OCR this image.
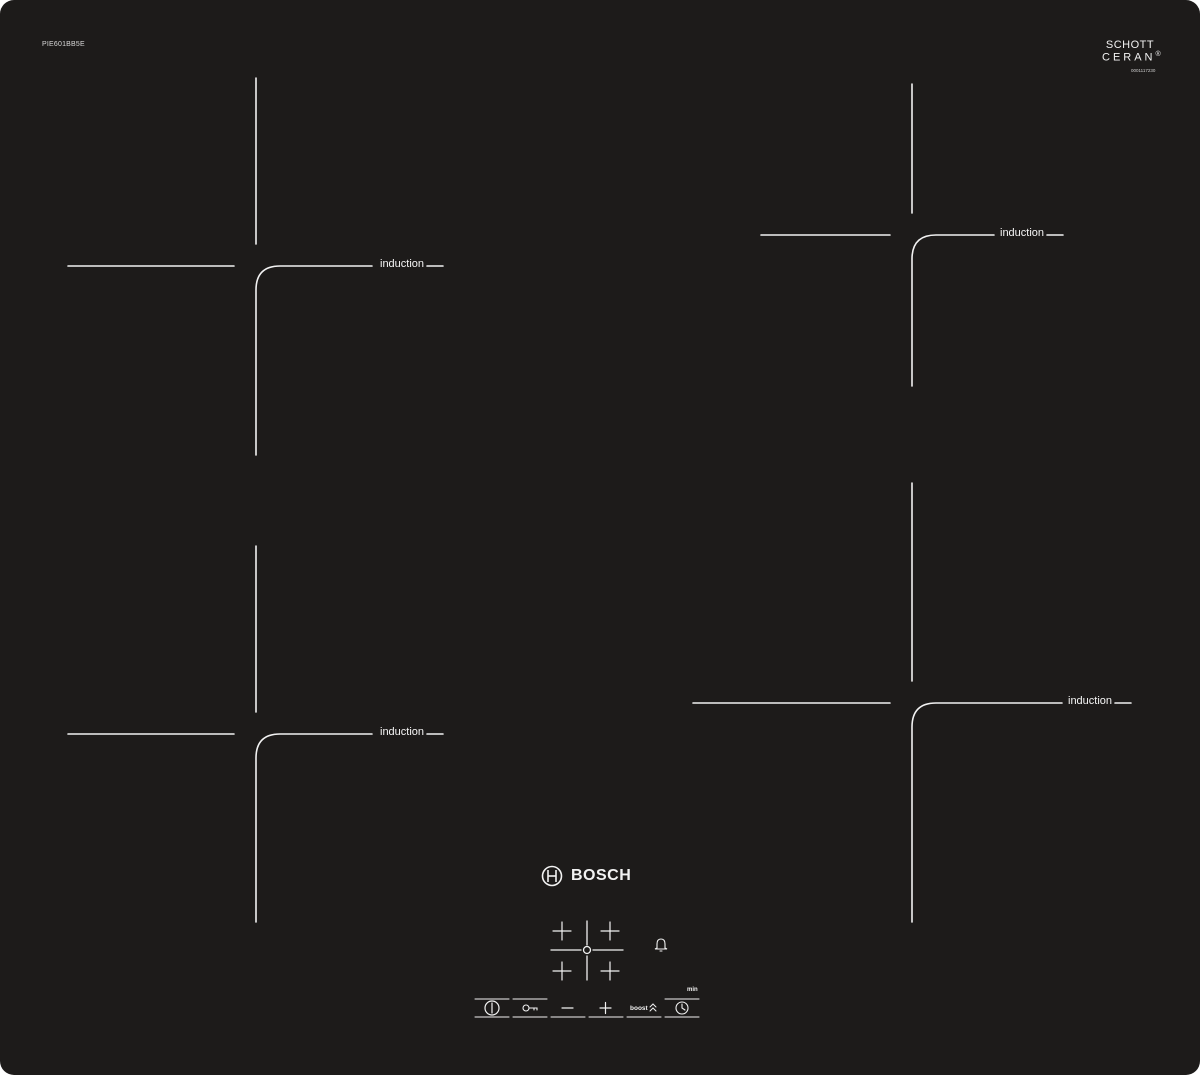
PIE601BB5E	SCHOTT
CERAN®
0001117230
induction
induction
induction
induction
BOSCH
boost
min
